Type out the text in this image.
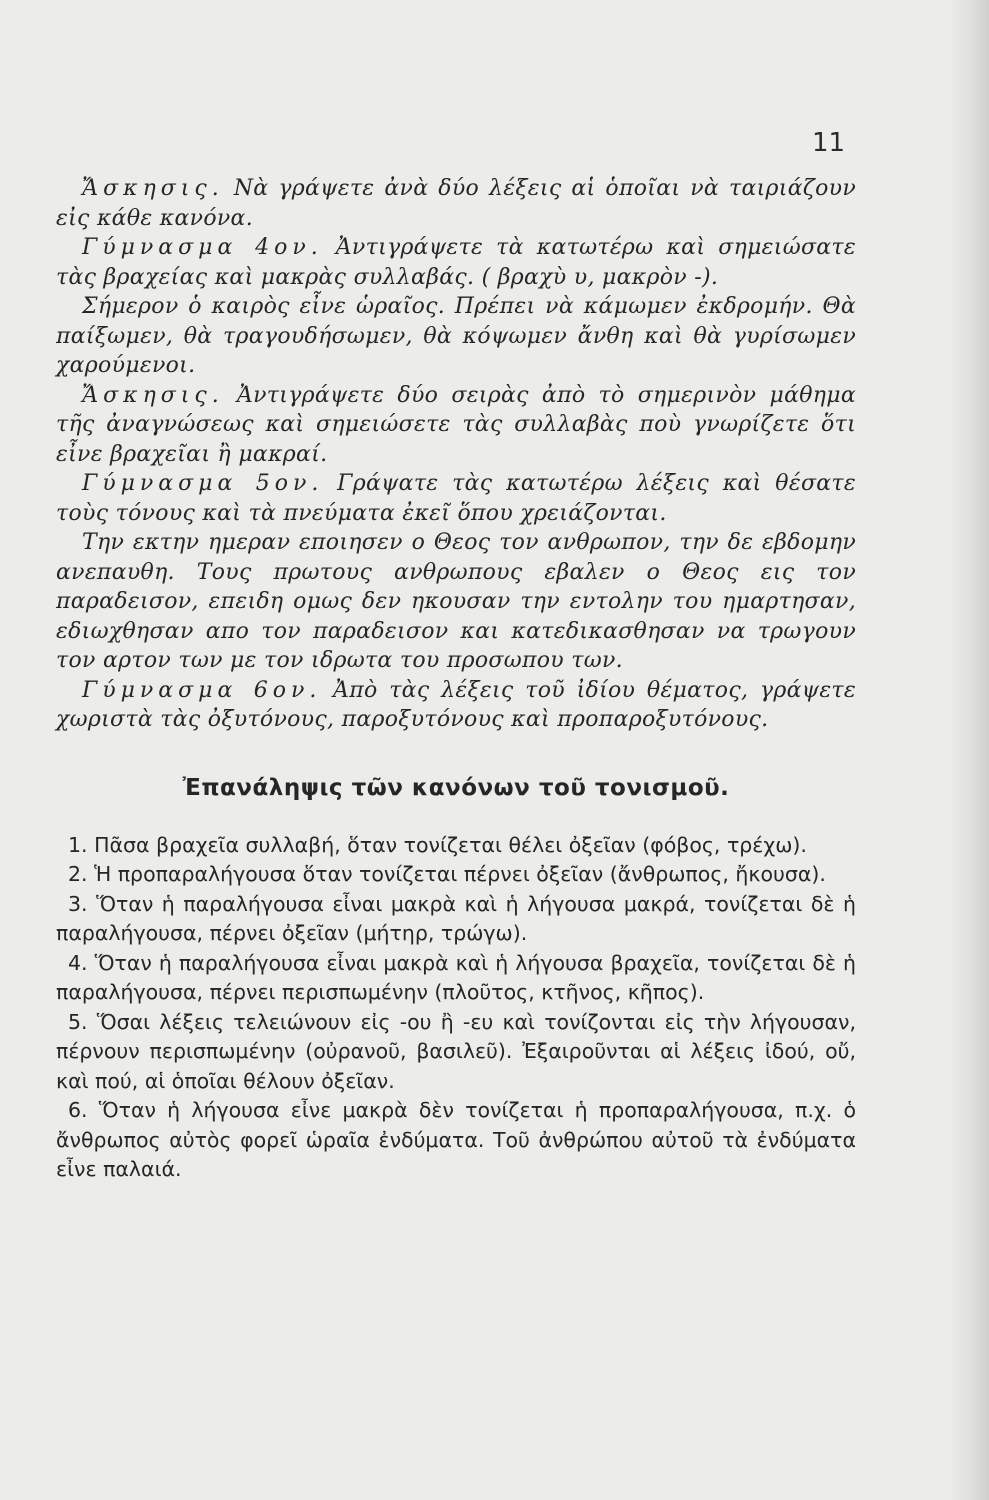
11

Ἄσκησις. Νὰ γράψετε ἀνὰ δύο λέξεις αἱ ὁποῖαι νὰ ταιριάζουν εἰς κάθε κανόνα.

Γύμνασμα 4ον. Ἀντιγράψετε τὰ κατωτέρω καὶ σημειώσατε τὰς βραχείας καὶ μακρὰς συλλαβάς. ( βραχὺ υ, μακρὸν -).

Σήμερον ὁ καιρὸς εἶνε ὡραῖος. Πρέπει νὰ κάμωμεν ἐκδρομήν. Θὰ παίξωμεν, θὰ τραγουδήσωμεν, θὰ κόψωμεν ἄνθη καὶ θὰ γυρίσωμεν χαρούμενοι.

Ἄσκησις. Ἀντιγράψετε δύο σειρὰς ἀπὸ τὸ σημερινὸν μάθημα τῆς ἀναγνώσεως καὶ σημειώσετε τὰς συλλαβὰς ποὺ γνωρίζετε ὅτι εἶνε βραχεῖαι ἢ μακραί.

Γύμνασμα 5ον. Γράψατε τὰς κατωτέρω λέξεις καὶ θέσατε τοὺς τόνους καὶ τὰ πνεύματα ἐκεῖ ὅπου χρειάζονται.

Την εκτην ημεραν εποιησεν ο Θεος τον ανθρωπον, την δε εβδομην ανεπαυθη. Τους πρωτους ανθρωπους εβαλεν ο Θεος εις τον παραδεισον, επειδη ομως δεν ηκουσαν την εντολην του ημαρτησαν, εδιωχθησαν απο τον παραδεισον και κατεδικασθησαν να τρωγουν τον αρτον των με τον ιδρωτα του προσωπου των.

Γύμνασμα 6ον. Ἀπὸ τὰς λέξεις τοῦ ἰδίου θέματος, γράψετε χωριστὰ τὰς ὀξυτόνους, παροξυτόνους καὶ προπαροξυτόνους.

Ἐπανάληψις τῶν κανόνων τοῦ τονισμοῦ.

1. Πᾶσα βραχεῖα συλλαβή, ὅταν τονίζεται θέλει ὀξεῖαν (φόβος, τρέχω).

2. Ἡ προπαραλήγουσα ὅταν τονίζεται πέρνει ὀξεῖαν (ἄνθρωπος, ἤκουσα).

3. Ὅταν ἡ παραλήγουσα εἶναι μακρὰ καὶ ἡ λήγουσα μακρά, τονίζεται δὲ ἡ παραλήγουσα, πέρνει ὀξεῖαν (μήτηρ, τρώγω).

4. Ὅταν ἡ παραλήγουσα εἶναι μακρὰ καὶ ἡ λήγουσα βραχεῖα, τονίζεται δὲ ἡ παραλήγουσα, πέρνει περισπωμένην (πλοῦτος, κτῆνος, κῆπος).

5. Ὅσαι λέξεις τελειώνουν εἰς -ου ἢ -ευ καὶ τονίζονται εἰς τὴν λήγουσαν, πέρνουν περισπωμένην (οὐρανοῦ, βασιλεῦ). Ἐξαιροῦνται αἱ λέξεις ἰδού, οὔ, καὶ πού, αἱ ὁποῖαι θέλουν ὀξεῖαν.

6. Ὅταν ἡ λήγουσα εἶνε μακρὰ δὲν τονίζεται ἡ προπαραλήγουσα, π.χ. ὁ ἄνθρωπος αὐτὸς φορεῖ ὡραῖα ἐνδύματα. Τοῦ ἀνθρώπου αὐτοῦ τὰ ἐνδύματα εἶνε παλαιά.
